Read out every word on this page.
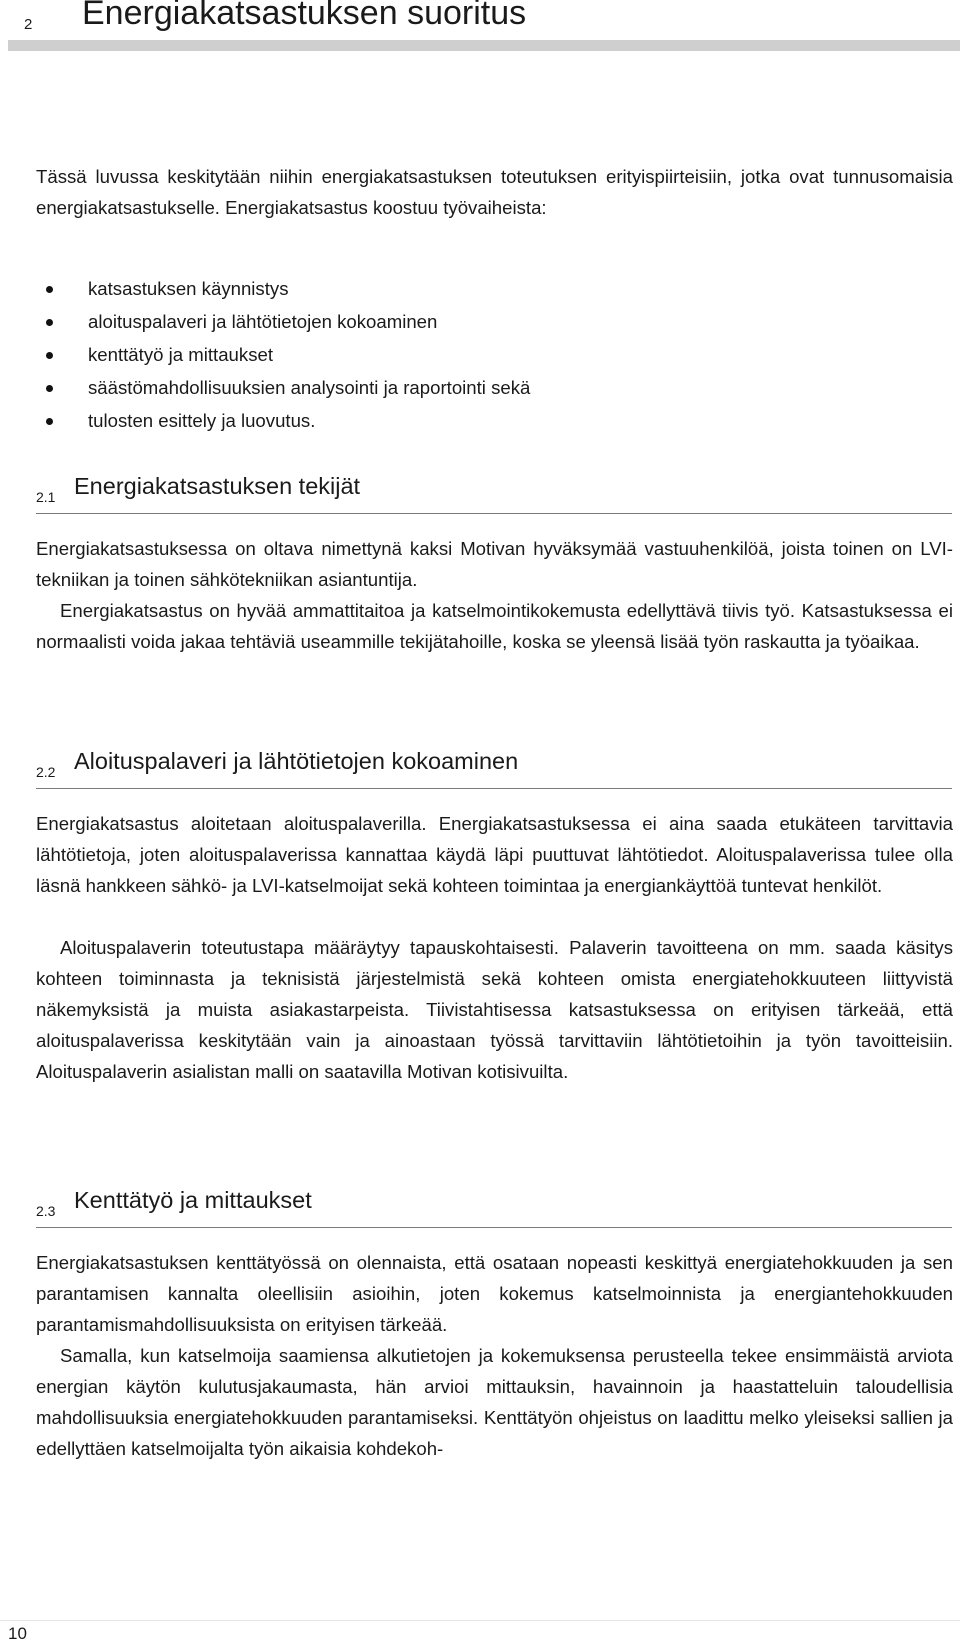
2 Energiakatsastuksen suoritus

Tässä luvussa keskitytään niihin energiakatsastuksen toteutuksen erityispiirteisiin, jotka ovat tunnusomaisia energiakatsastukselle. Energiakatsastus koostuu työvaiheista:

katsastuksen käynnistys
aloituspalaveri ja lähtötietojen kokoaminen
kenttätyö ja mittaukset
säästömahdollisuuksien analysointi ja raportointi sekä
tulosten esittely ja luovutus.
2.1 Energiakatsastuksen tekijät

Energiakatsastuksessa on oltava nimettynä kaksi Motivan hyväksymää vastuuhenkilöä, joista toinen on LVI-tekniikan ja toinen sähkötekniikan asiantuntija.

Energiakatsastus on hyvää ammattitaitoa ja katselmointikokemusta edellyttävä tiivis työ. Katsastuksessa ei normaalisti voida jakaa tehtäviä useammille tekijätahoille, koska se yleensä lisää työn raskautta ja työaikaa.

2.2 Aloituspalaveri ja lähtötietojen kokoaminen

Energiakatsastus aloitetaan aloituspalaverilla. Energiakatsastuksessa ei aina saada etukäteen tarvittavia lähtötietoja, joten aloituspalaverissa kannattaa käydä läpi puuttuvat lähtötiedot. Aloituspalaverissa tulee olla läsnä hankkeen sähkö- ja LVI-katselmoijat sekä kohteen toimintaa ja energiankäyttöä tuntevat henkilöt.

Aloituspalaverin toteutustapa määräytyy tapauskohtaisesti. Palaverin tavoitteena on mm. saada käsitys kohteen toiminnasta ja teknisistä järjestelmistä sekä kohteen omista energiatehokkuuteen liittyvistä näkemyksistä ja muista asiakastarpeista. Tiivistahtisessa katsastuksessa on erityisen tärkeää, että aloituspalaverissa keskitytään vain ja ainoastaan työssä tarvittaviin lähtötietoihin ja työn tavoitteisiin. Aloituspalaverin asialistan malli on saatavilla Motivan kotisivuilta.

2.3 Kenttätyö ja mittaukset

Energiakatsastuksen kenttätyössä on olennaista, että osataan nopeasti keskittyä energiatehokkuuden ja sen parantamisen kannalta oleellisiin asioihin, joten kokemus katselmoinnista ja energiantehokkuuden parantamismahdollisuuksista on erityisen tärkeää.

Samalla, kun katselmoija saamiensa alkutietojen ja kokemuksensa perusteella tekee ensimmäistä arviota energian käytön kulutusjakaumasta, hän arvioi mittauksin, havainnoin ja haastatteluin taloudellisia mahdollisuuksia energiatehokkuuden parantamiseksi. Kenttätyön ohjeistus on laadittu melko yleiseksi sallien ja edellyttäen katselmoijalta työn aikaisia kohdekoh-

10
